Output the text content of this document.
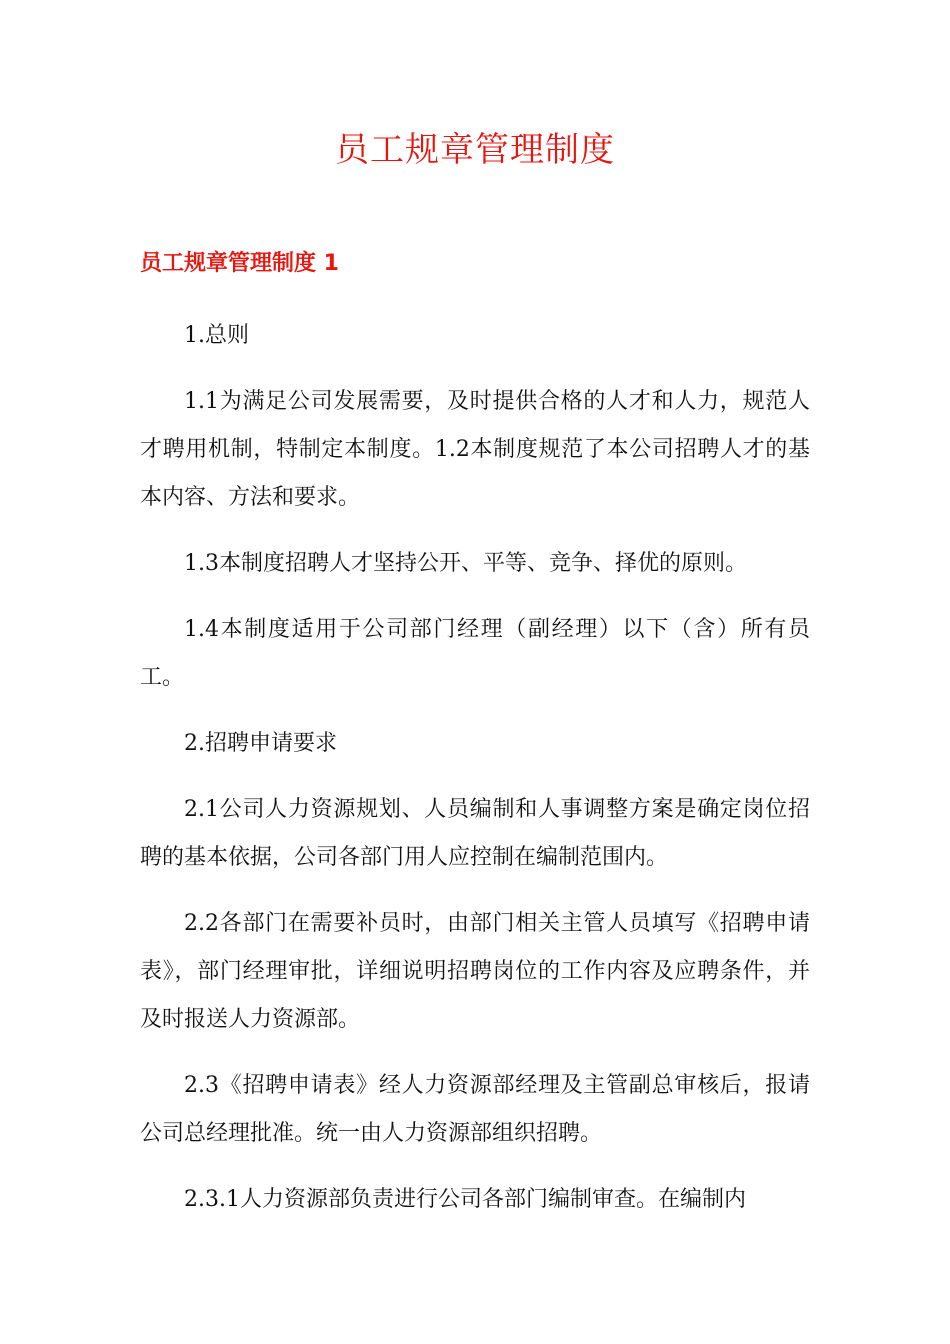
员工规章管理制度
员工规章管理制度 1

1.总则

1.1为满足公司发展需要，及时提供合格的人才和人力，规范人才聘用机制，特制定本制度。1.2本制度规范了本公司招聘人才的基本内容、方法和要求。

1.3本制度招聘人才坚持公开、平等、竞争、择优的原则。

1.4本制度适用于公司部门经理（副经理）以下（含）所有员工。

2.招聘申请要求

2.1公司人力资源规划、人员编制和人事调整方案是确定岗位招聘的基本依据，公司各部门用人应控制在编制范围内。

2.2各部门在需要补员时，由部门相关主管人员填写《招聘申请表》，部门经理审批，详细说明招聘岗位的工作内容及应聘条件，并及时报送人力资源部。

2.3《招聘申请表》经人力资源部经理及主管副总审核后，报请公司总经理批准。统一由人力资源部组织招聘。

2.3.1人力资源部负责进行公司各部门编制审查。在编制内
